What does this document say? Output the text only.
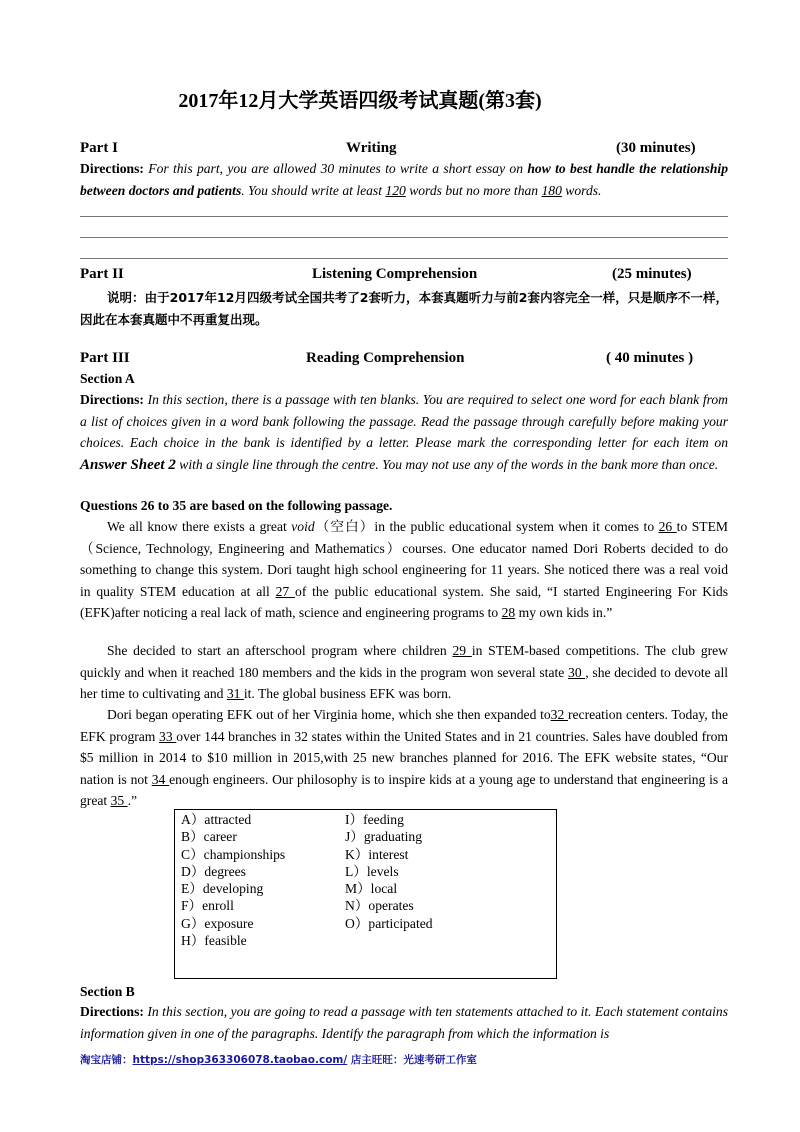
2017年12月大学英语四级考试真题(第3套)
Part I	Writing	(30 minutes)
Directions: For this part, you are allowed 30 minutes to write a short essay on how to best handle the relationship between doctors and patients. You should write at least 120 words but no more than 180 words.
Part II	Listening Comprehension	(25 minutes)
说明：由于2017年12月四级考试全国共考了2套听力，本套真题听力与前2套内容完全一样，只是顺序不一样，因此在本套真题中不再重复出现。
Part III	Reading Comprehension	( 40 minutes )
Section A
Directions: In this section, there is a passage with ten blanks. You are required to select one word for each blank from a list of choices given in a word bank following the passage. Read the passage through carefully before making your choices. Each choice in the bank is identified by a letter. Please mark the corresponding letter for each item on Answer Sheet 2 with a single line through the centre. You may not use any of the words in the bank more than once.
Questions 26 to 35 are based on the following passage.
We all know there exists a great void（空白）in the public educational system when it comes to 26 to STEM（Science, Technology, Engineering and Mathematics）courses. One educator named Dori Roberts decided to do something to change this system. Dori taught high school engineering for 11 years. She noticed there was a real void in quality STEM education at all 27 of the public educational system. She said, “I started Engineering For Kids (EFK)after noticing a real lack of math, science and engineering programs to 28 my own kids in.”
She decided to start an afterschool program where children 29 in STEM-based competitions. The club grew quickly and when it reached 180 members and the kids in the program won several state 30 , she decided to devote all her time to cultivating and 31 it. The global business EFK was born.
Dori began operating EFK out of her Virginia home, which she then expanded to32 recreation centers. Today, the EFK program 33 over 144 branches in 32 states within the United States and in 21 countries. Sales have doubled from $5 million in 2014 to $10 million in 2015,with 25 new branches planned for 2016. The EFK website states, “Our nation is not 34 enough engineers. Our philosophy is to inspire kids at a young age to understand that engineering is a great 35 .”
A）attracted
B）career
C）championships
D）degrees
E）developing
F）enroll
G）exposure
H）feasible
I）feeding
J）graduating
K）interest
L）levels
M）local
N）operates
O）participated
Section B
Directions: In this section, you are going to read a passage with ten statements attached to it. Each statement contains information given in one of the paragraphs. Identify the paragraph from which the information is
淘宝店铺：https://shop363306078.taobao.com/ 店主旺旺：光速考研工作室
